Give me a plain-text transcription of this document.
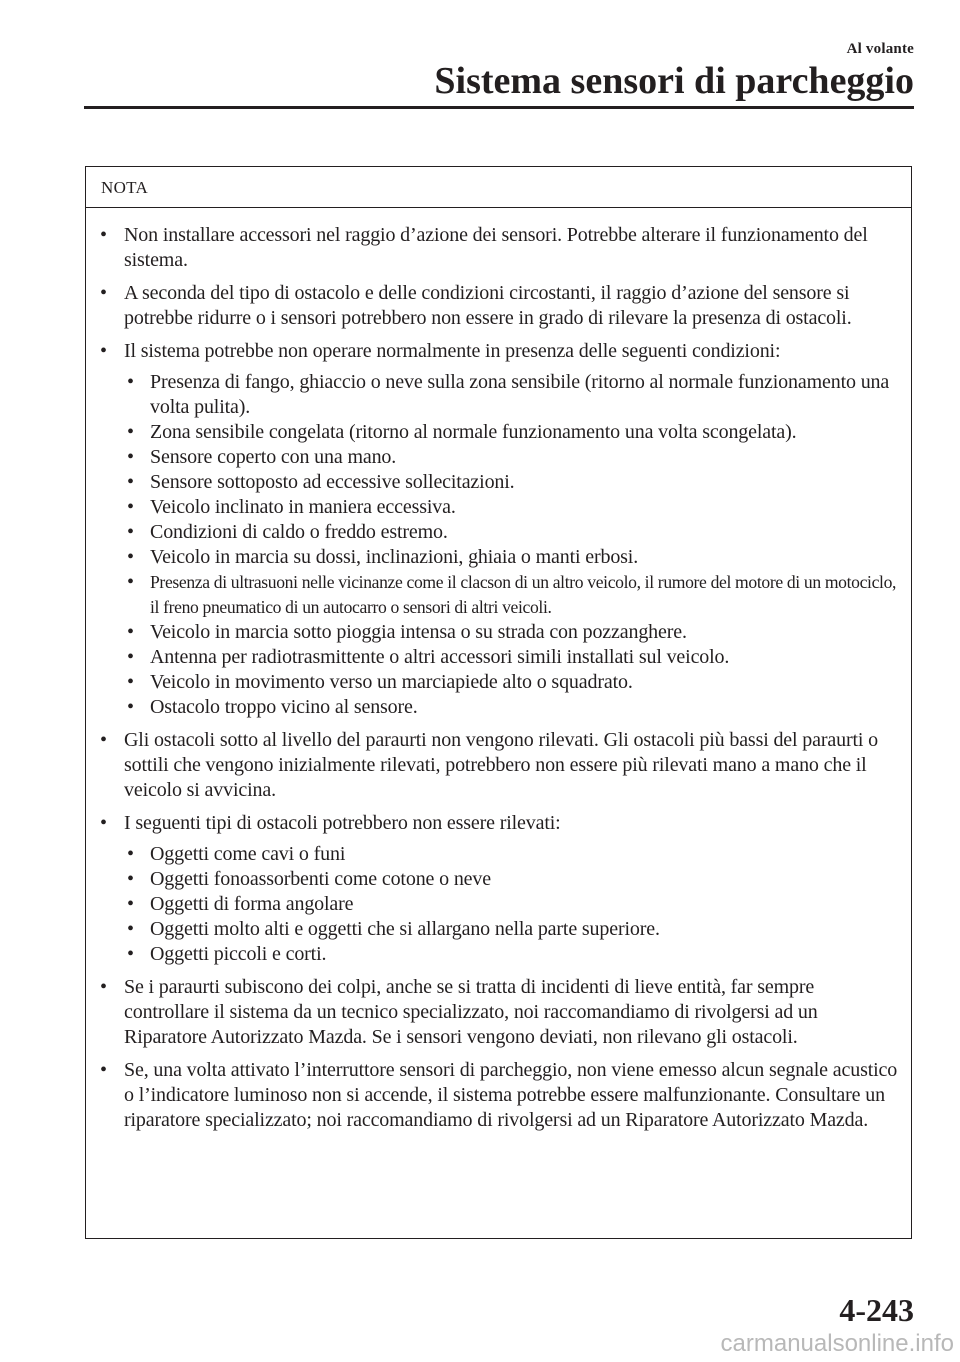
Al volante
Sistema sensori di parcheggio
NOTA
• Non installare accessori nel raggio d’azione dei sensori. Potrebbe alterare il funzionamento del sistema.
• A seconda del tipo di ostacolo e delle condizioni circostanti, il raggio d’azione del sensore si potrebbe ridurre o i sensori potrebbero non essere in grado di rilevare la presenza di ostacoli.
• Il sistema potrebbe non operare normalmente in presenza delle seguenti condizioni:
• Presenza di fango, ghiaccio o neve sulla zona sensibile (ritorno al normale funzionamento una volta pulita).
• Zona sensibile congelata (ritorno al normale funzionamento una volta scongelata).
• Sensore coperto con una mano.
• Sensore sottoposto ad eccessive sollecitazioni.
• Veicolo inclinato in maniera eccessiva.
• Condizioni di caldo o freddo estremo.
• Veicolo in marcia su dossi, inclinazioni, ghiaia o manti erbosi.
• Presenza di ultrasuoni nelle vicinanze come il clacson di un altro veicolo, il rumore del motore di un motociclo, il freno pneumatico di un autocarro o sensori di altri veicoli.
• Veicolo in marcia sotto pioggia intensa o su strada con pozzanghere.
• Antenna per radiotrasmittente o altri accessori simili installati sul veicolo.
• Veicolo in movimento verso un marciapiede alto o squadrato.
• Ostacolo troppo vicino al sensore.
• Gli ostacoli sotto al livello del paraurti non vengono rilevati. Gli ostacoli più bassi del paraurti o sottili che vengono inizialmente rilevati, potrebbero non essere più rilevati mano a mano che il veicolo si avvicina.
• I seguenti tipi di ostacoli potrebbero non essere rilevati:
• Oggetti come cavi o funi
• Oggetti fonoassorbenti come cotone o neve
• Oggetti di forma angolare
• Oggetti molto alti e oggetti che si allargano nella parte superiore.
• Oggetti piccoli e corti.
• Se i paraurti subiscono dei colpi, anche se si tratta di incidenti di lieve entità, far sempre controllare il sistema da un tecnico specializzato, noi raccomandiamo di rivolgersi ad un Riparatore Autorizzato Mazda. Se i sensori vengono deviati, non rilevano gli ostacoli.
• Se, una volta attivato l’interruttore sensori di parcheggio, non viene emesso alcun segnale acustico o l’indicatore luminoso non si accende, il sistema potrebbe essere malfunzionante. Consultare un riparatore specializzato; noi raccomandiamo di rivolgersi ad un Riparatore Autorizzato Mazda.
4-243
carmanualsonline.info
